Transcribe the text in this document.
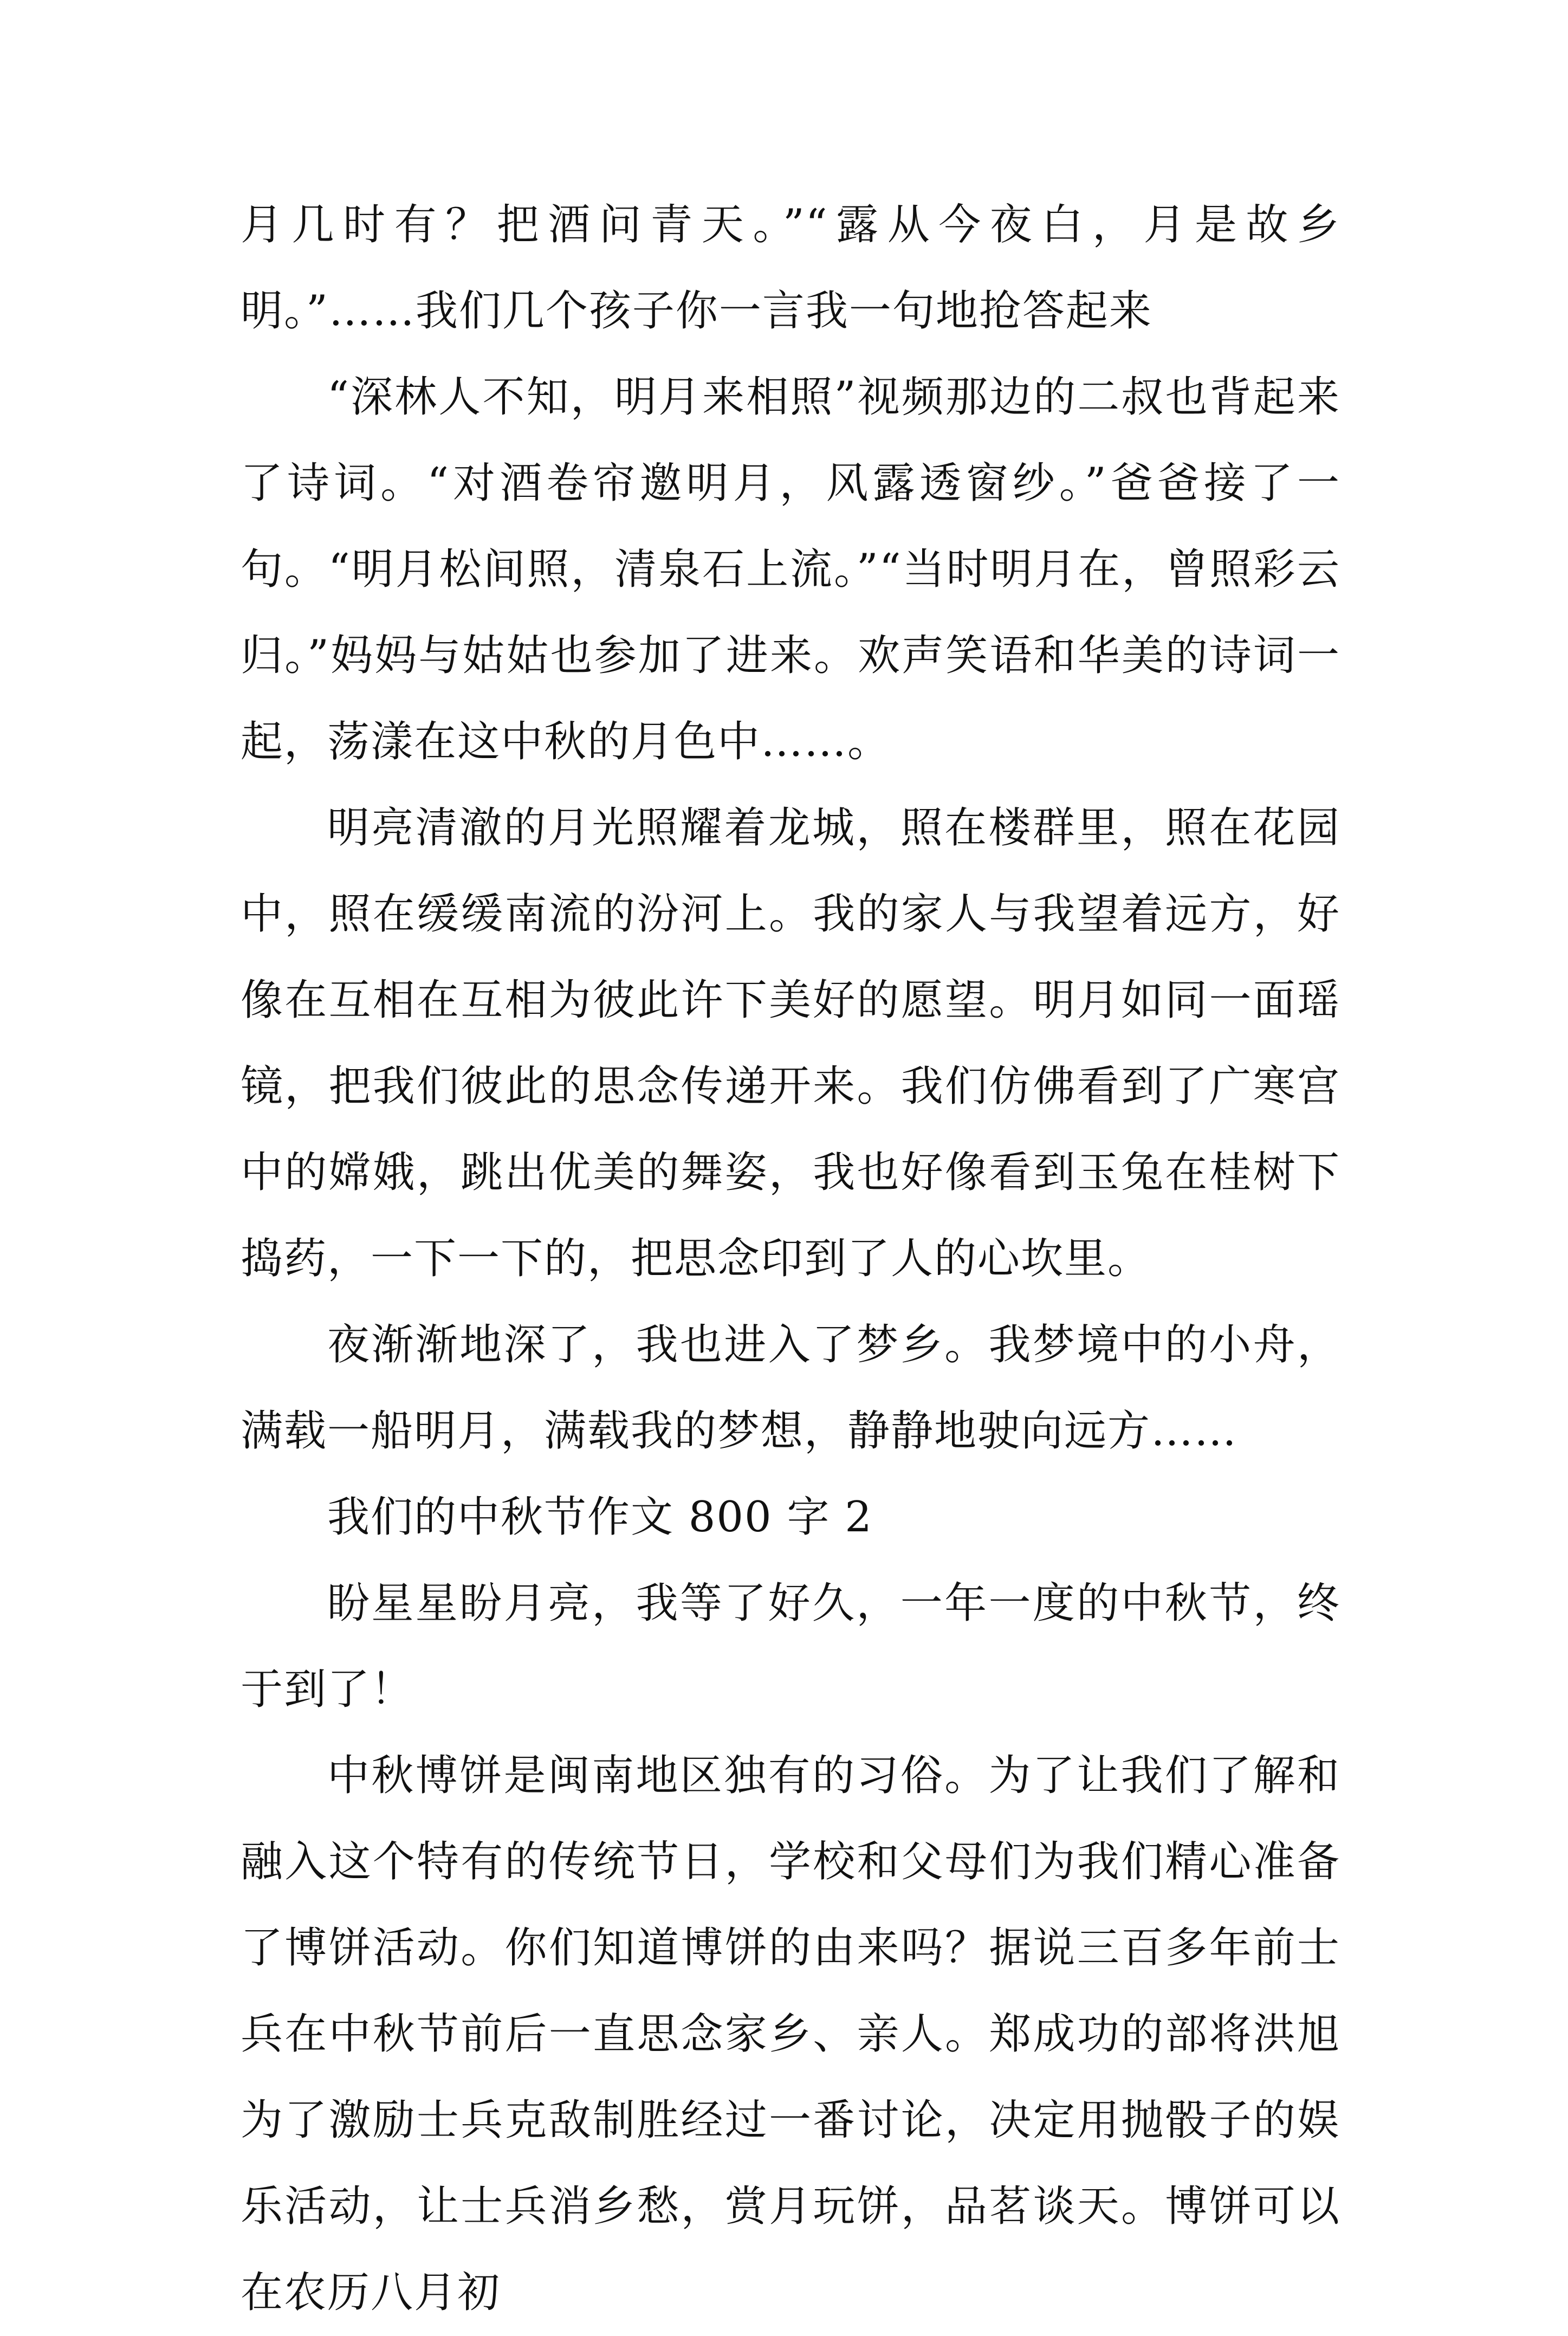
月几时有？把酒问青天。”“露从今夜白，月是故乡明。”……我们几个孩子你一言我一句地抢答起来

“深林人不知，明月来相照”视频那边的二叔也背起来了诗词。“对酒卷帘邀明月，风露透窗纱。”爸爸接了一句。“明月松间照，清泉石上流。”“当时明月在，曾照彩云归。”妈妈与姑姑也参加了进来。欢声笑语和华美的诗词一起，荡漾在这中秋的月色中……。

明亮清澈的月光照耀着龙城，照在楼群里，照在花园中，照在缓缓南流的汾河上。我的家人与我望着远方，好像在互相在互相为彼此许下美好的愿望。明月如同一面瑶镜，把我们彼此的思念传递开来。我们仿佛看到了广寒宫中的嫦娥，跳出优美的舞姿，我也好像看到玉兔在桂树下捣药，一下一下的，把思念印到了人的心坎里。

夜渐渐地深了，我也进入了梦乡。我梦境中的小舟，满载一船明月，满载我的梦想，静静地驶向远方……

我们的中秋节作文 800 字 2

盼星星盼月亮，我等了好久，一年一度的中秋节，终于到了！

中秋博饼是闽南地区独有的习俗。为了让我们了解和融入这个特有的传统节日，学校和父母们为我们精心准备了博饼活动。你们知道博饼的由来吗？据说三百多年前士兵在中秋节前后一直思念家乡、亲人。郑成功的部将洪旭为了激励士兵克敌制胜经过一番讨论，决定用抛骰子的娱乐活动，让士兵消乡愁，赏月玩饼，品茗谈天。博饼可以在农历八月初
